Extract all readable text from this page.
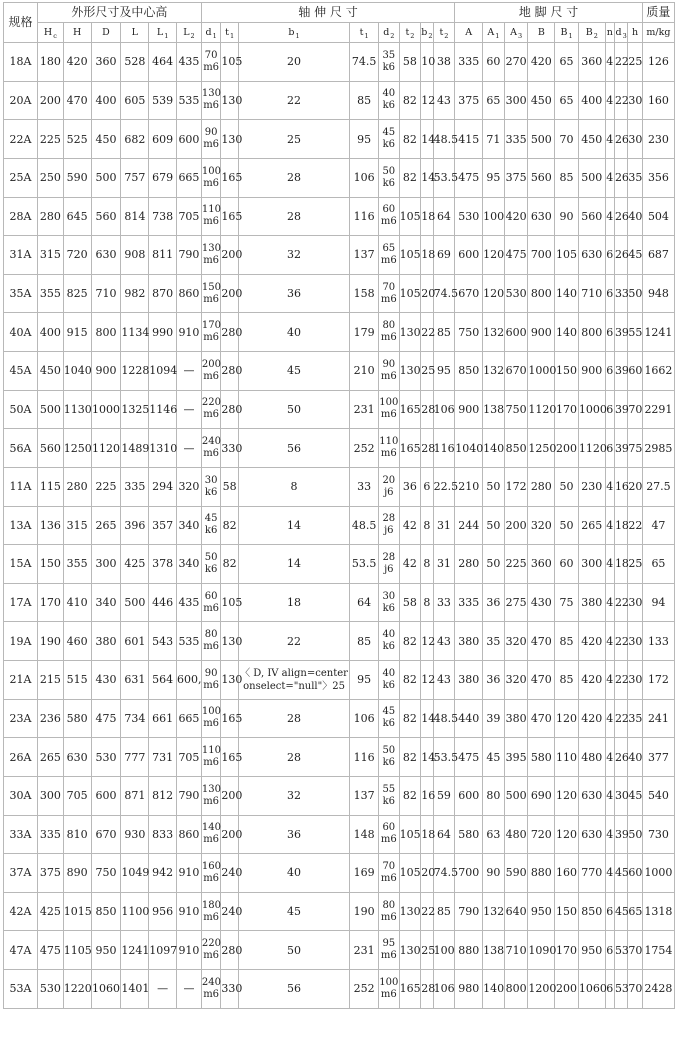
规格	外形尺寸及中心高						轴 伸 尺 寸								地 脚 尺 寸									质量
	$H_c$	H	D	L	$L_1$	$L_2$	$d_1$	$t_1$	$b_1$	$t_1$	$d_2$	$t_2$	$b_2$	$t_2$	A	$A_1$	$A_3$	B	$B_1$	$B_2$	n	$d_3$	h	m/kg
18A	180	420	360	528	464	435	70 m6	105	20	74.5	35 k6	58	10	38	335	60	270	420	65	360	4	22	25	126
20A	200	470	400	605	539	535	130 m6	130	22	85	40 k6	82	12	43	375	65	300	450	65	400	4	22	30	160
22A	225	525	450	682	609	600	90 m6	130	25	95	45 k6	82	14	48.5	415	71	335	500	70	450	4	26	30	230
25A	250	590	500	757	679	665	100 m6	165	28	106	50 k6	82	14	53.5	475	95	375	560	85	500	4	26	35	356
28A	280	645	560	814	738	705	110 m6	165	28	116	60 m6	105	18	64	530	100	420	630	90	560	4	26	40	504
31A	315	720	630	908	811	790	130 m6	200	32	137	65 m6	105	18	69	600	120	475	700	105	630	6	26	45	687
35A	355	825	710	982	870	860	150 m6	200	36	158	70 m6	105	20	74.5	670	120	530	800	140	710	6	33	50	948
40A	400	915	800	1134	990	910	170 m6	280	40	179	80 m6	130	22	85	750	132	600	900	140	800	6	39	55	1241
45A	450	1040	900	1228	1094	—	200 m6	280	45	210	90 m6	130	25	95	850	132	670	1000	150	900	6	39	60	1662
50A	500	1130	1000	1325	1146	—	220 m6	280	50	231	100 m6	165	28	106	900	138	750	1120	170	1000	6	39	70	2291
56A	560	1250	1120	1489	1310	—	240 m6	330	56	252	110 m6	165	28	116	1040	140	850	1250	200	1120	6	39	75	2985
11A	115	280	225	335	294	320	30 k6	58	8	33	20 j6	36	6	22.5	210	50	172	280	50	230	4	16	20	27.5
13A	136	315	265	396	357	340	45 k6	82	14	48.5	28 j6	42	8	31	244	50	200	320	50	265	4	18	22	47
15A	150	355	300	425	378	340	50 k6	82	14	53.5	28 j6	42	8	31	280	50	225	360	60	300	4	18	25	65
17A	170	410	340	500	446	435	60 m6	105	18	64	30 k6	58	8	33	335	36	275	430	75	380	4	22	30	94
19A	190	460	380	601	543	535	80 m6	130	22	85	40 k6	82	12	43	380	35	320	470	85	420	4	22	30	133
21A	215	515	430	631	564	600,	90 m6	130	〈 D, IV align=center onselect="null"〉25	95	40 k6	82	12	43	380	36	320	470	85	420	4	22	30	172
23A	236	580	475	734	661	665	100 m6	165	28	106	45 k6	82	14	48.5	440	39	380	470	120	420	4	22	35	241
26A	265	630	530	777	731	705	110 m6	165	28	116	50 k6	82	14	53.5	475	45	395	580	110	480	4	26	40	377
30A	300	705	600	871	812	790	130 m6	200	32	137	55 k6	82	16	59	600	80	500	690	120	630	4	30	45	540
33A	335	810	670	930	833	860	140 m6	200	36	148	60 m6	105	18	64	580	63	480	720	120	630	4	39	50	730
37A	375	890	750	1049	942	910	160 m6	240	40	169	70 m6	105	20	74.5	700	90	590	880	160	770	4	45	60	1000
42A	425	1015	850	1100	956	910	180 m6	240	45	190	80 m6	130	22	85	790	132	640	950	150	850	6	45	65	1318
47A	475	1105	950	1241	1097	910	220 m6	280	50	231	95 m6	130	25	100	880	138	710	1090	170	950	6	53	70	1754
53A	530	1220	1060	1401	—	—	240 m6	330	56	252	100 m6	165	28	106	980	140	800	1200	200	1060	6	53	70	2428
